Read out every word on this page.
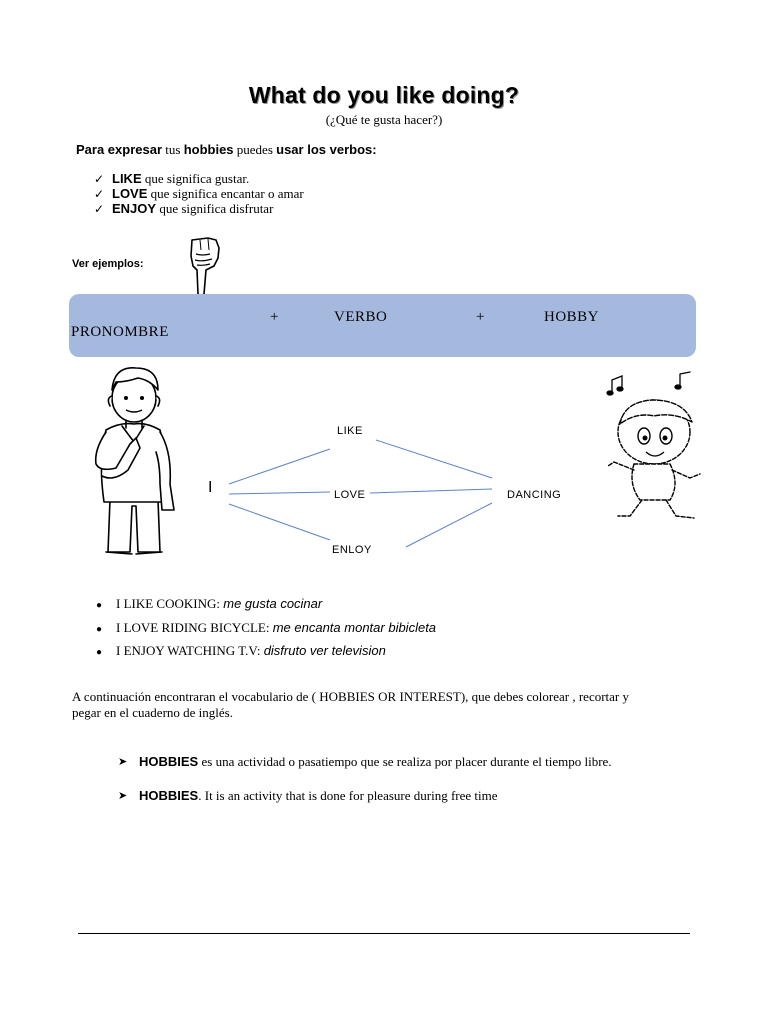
What do you like doing?
(¿Qué te gusta hacer?)
Para expresar tus hobbies puedes usar los verbos:
✓ LIKE que significa gustar.
✓ LOVE que significa encantar o amar
✓ ENJOY que significa disfrutar
Ver ejemplos:
+	VERBO	+	HOBBY
PRONOMBRE
I
LIKE
LOVE
ENLOY
DANCING
● I LIKE COOKING: me gusta cocinar
● I LOVE RIDING BICYCLE: me encanta montar bibicleta
● I ENJOY WATCHING T.V: disfruto ver television
A continuación encontraran el vocabulario de ( HOBBIES OR INTEREST), que debes colorear , recortar y pegar en el cuaderno de inglés.
➤ HOBBIES es una actividad o pasatiempo que se realiza por placer durante el tiempo libre.
➤ HOBBIES. It is an activity that is done for pleasure during free time
